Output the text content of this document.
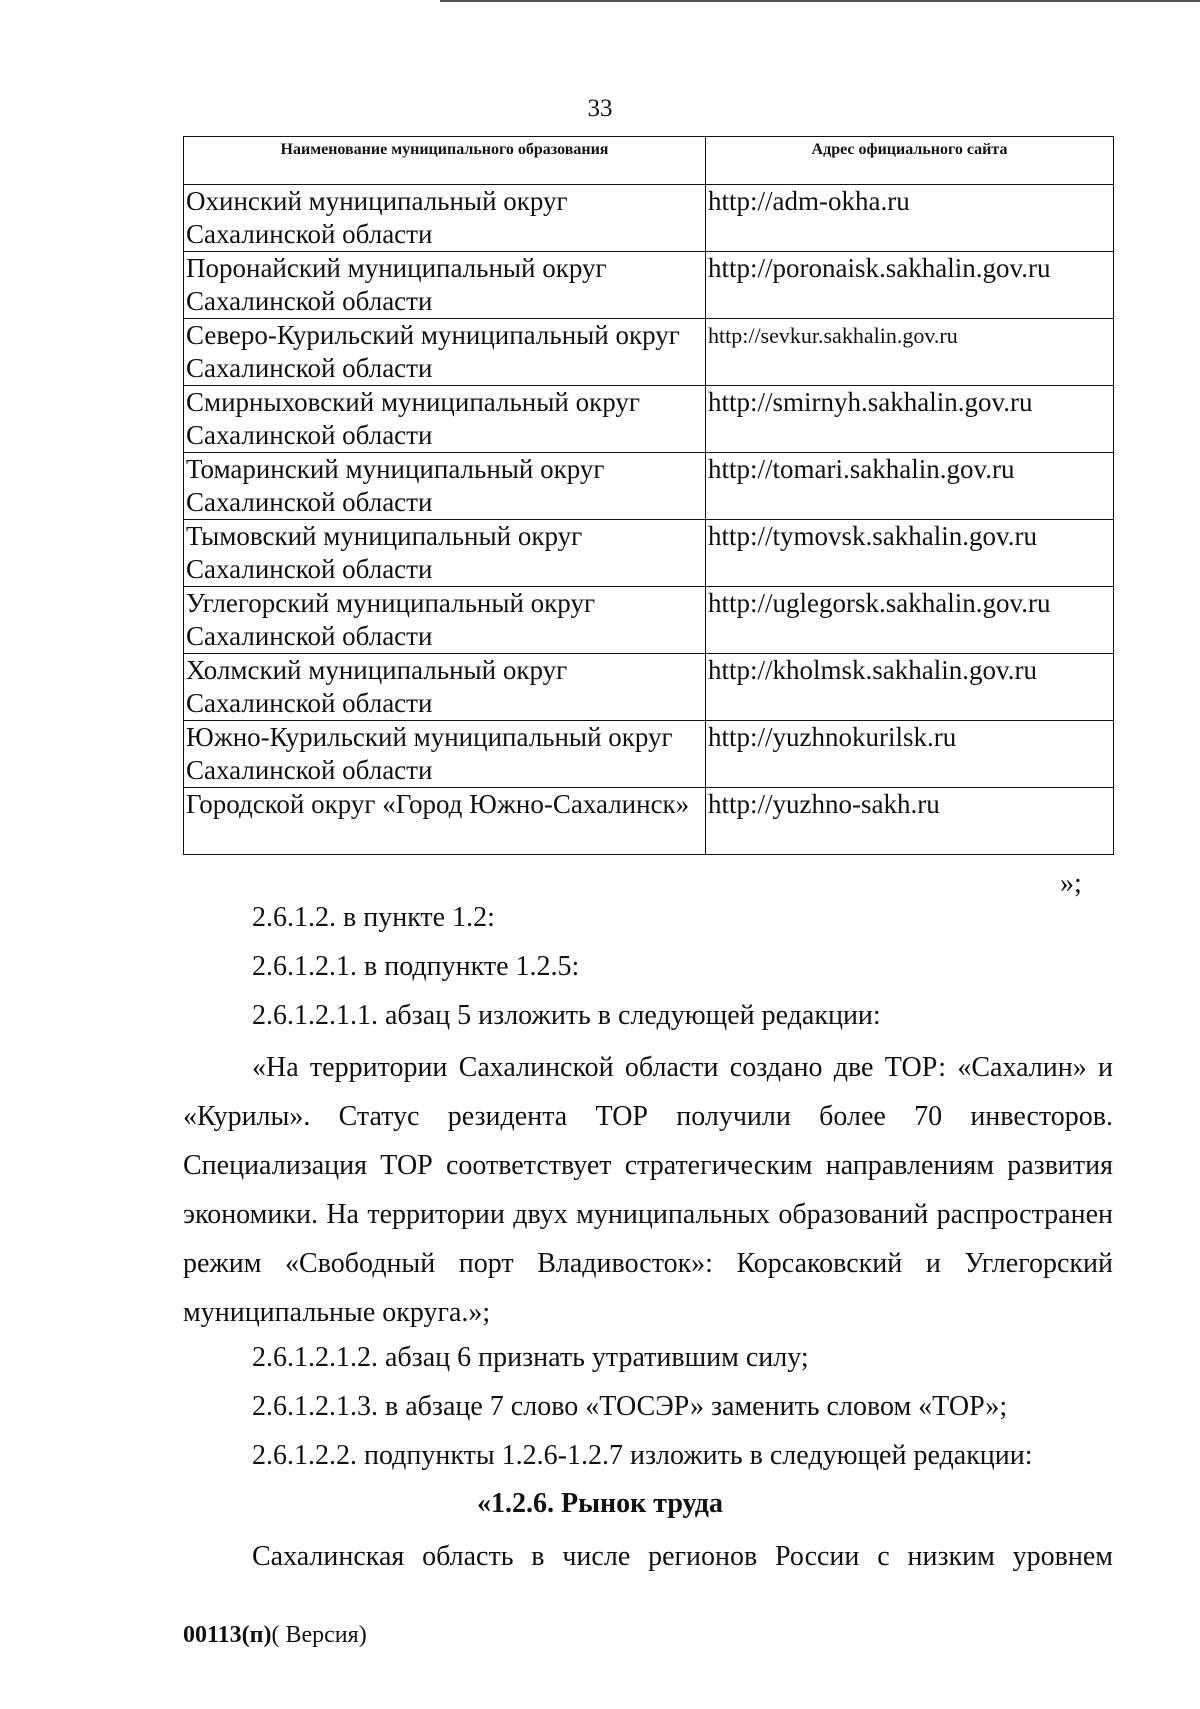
33
Наименование муниципального образования	Адрес официального сайта

Охинский муниципальный округ Сахалинской области	http://adm-okha.ru
Поронайский муниципальный округ Сахалинской области	http://poronaisk.sakhalin.gov.ru
Северо-Курильский муниципальный округ Сахалинской области	http://sevkur.sakhalin.gov.ru
Смирныховский муниципальный округ Сахалинской области	http://smirnyh.sakhalin.gov.ru
Томаринский муниципальный округ Сахалинской области	http://tomari.sakhalin.gov.ru
Тымовский муниципальный округ Сахалинской области	http://tymovsk.sakhalin.gov.ru
Углегорский муниципальный округ Сахалинской области	http://uglegorsk.sakhalin.gov.ru
Холмский муниципальный округ Сахалинской области	http://kholmsk.sakhalin.gov.ru
Южно-Курильский муниципальный округ Сахалинской области	http://yuzhnokurilsk.ru
Городской округ «Город Южно-Сахалинск»	http://yuzhno-sakh.ru
»;
2.6.1.2. в пункте 1.2:
2.6.1.2.1. в подпункте 1.2.5:
2.6.1.2.1.1. абзац 5 изложить в следующей редакции:
«На территории Сахалинской области создано две ТОР: «Сахалин» и «Курилы». Статус резидента ТОР получили более 70 инвесторов. Специализация ТОР соответствует стратегическим направлениям развития экономики. На территории двух муниципальных образований распространен режим «Свободный порт Владивосток»: Корсаковский и Углегорский муниципальные округа.»;
2.6.1.2.1.2. абзац 6 признать утратившим силу;
2.6.1.2.1.3. в абзаце 7 слово «ТОСЭР» заменить словом «ТОР»;
2.6.1.2.2. подпункты 1.2.6-1.2.7 изложить в следующей редакции:
«1.2.6. Рынок труда
Сахалинская область в числе регионов России с низким уровнем
00113(п)( Версия)
